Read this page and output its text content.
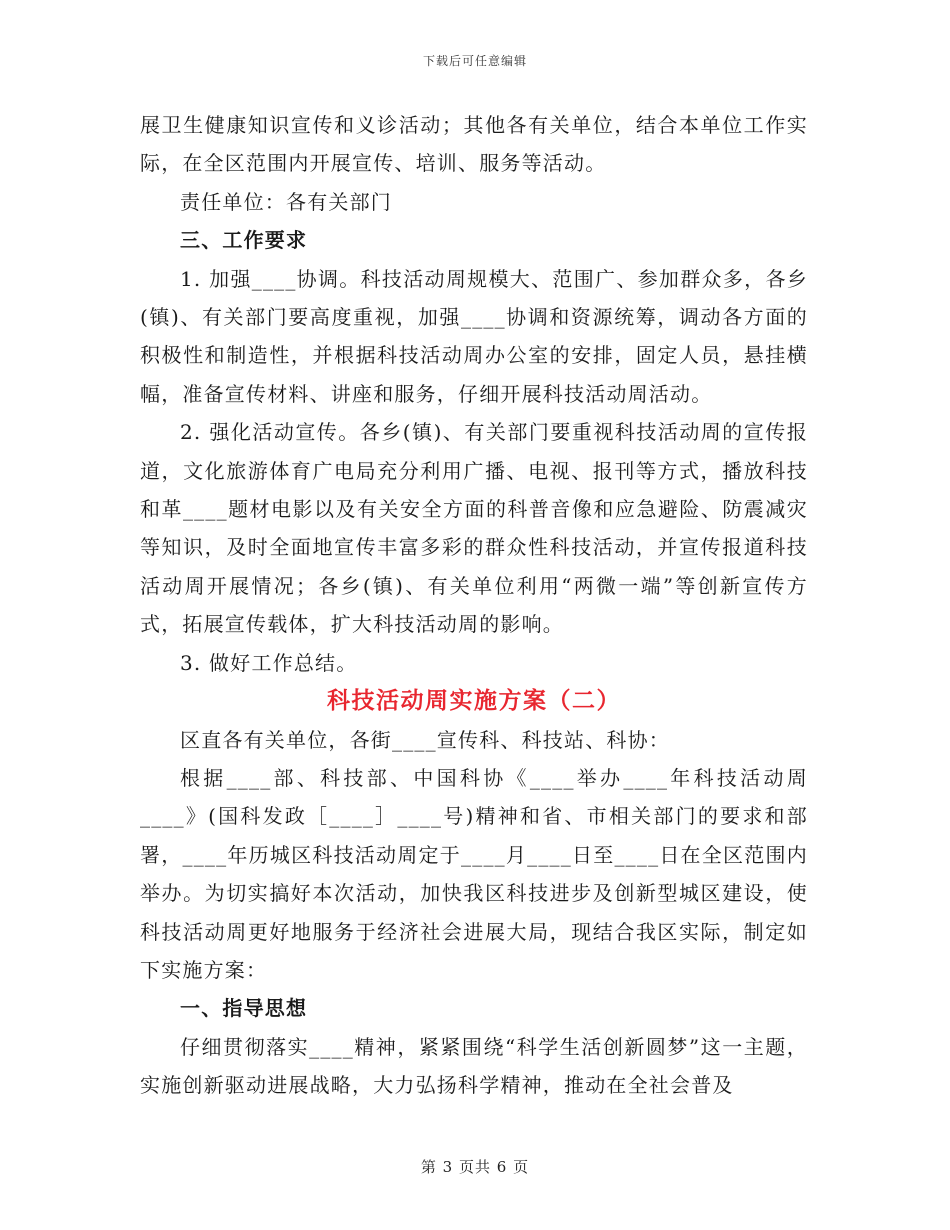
下载后可任意编辑

展卫生健康知识宣传和义诊活动；其他各有关单位，结合本单位工作实际，在全区范围内开展宣传、培训、服务等活动。

责任单位：各有关部门

三、工作要求

1. 加强____协调。科技活动周规模大、范围广、参加群众多，各乡(镇)、有关部门要高度重视，加强____协调和资源统筹，调动各方面的积极性和制造性，并根据科技活动周办公室的安排，固定人员，悬挂横幅，准备宣传材料、讲座和服务，仔细开展科技活动周活动。

2. 强化活动宣传。各乡(镇)、有关部门要重视科技活动周的宣传报道，文化旅游体育广电局充分利用广播、电视、报刊等方式，播放科技和革____题材电影以及有关安全方面的科普音像和应急避险、防震减灾等知识，及时全面地宣传丰富多彩的群众性科技活动，并宣传报道科技活动周开展情况；各乡(镇)、有关单位利用“两微一端”等创新宣传方式，拓展宣传载体，扩大科技活动周的影响。

3. 做好工作总结。

科技活动周实施方案（二）

区直各有关单位，各街____宣传科、科技站、科协：

根据____部、科技部、中国科协《____举办____年科技活动周____》(国科发政［____］____号)精神和省、市相关部门的要求和部署，____年历城区科技活动周定于____月____日至____日在全区范围内举办。为切实搞好本次活动，加快我区科技进步及创新型城区建设，使科技活动周更好地服务于经济社会进展大局，现结合我区实际，制定如下实施方案：

一、指导思想

仔细贯彻落实____精神，紧紧围绕“科学生活创新圆梦”这一主题，实施创新驱动进展战略，大力弘扬科学精神，推动在全社会普及

第 3 页共 6 页
